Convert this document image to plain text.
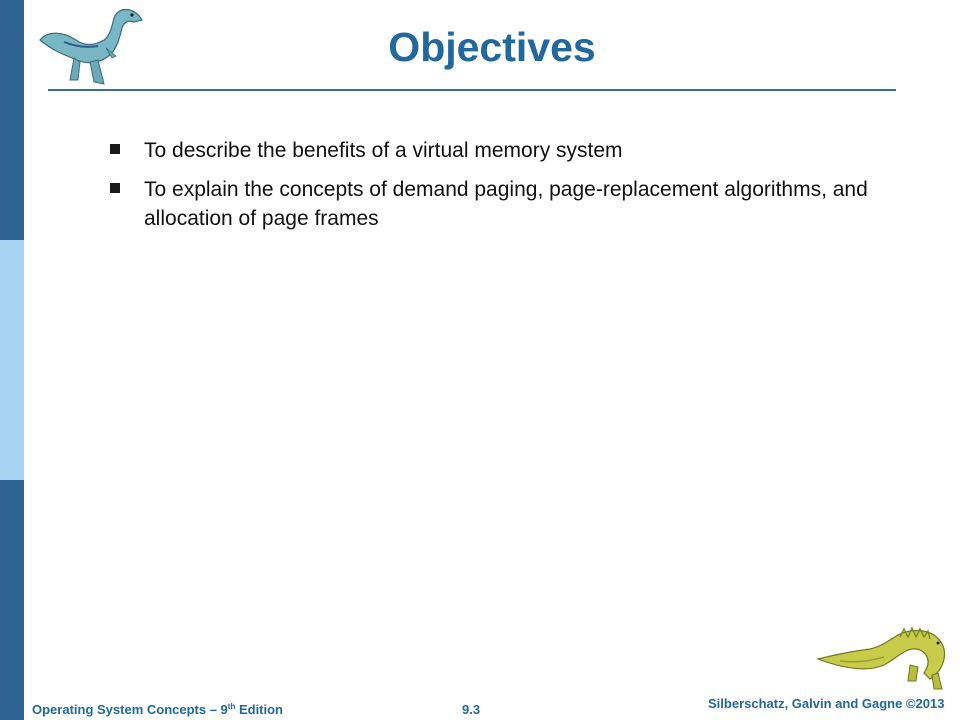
Objectives
To describe the benefits of a virtual memory system
To explain the concepts of demand paging, page-replacement algorithms, and allocation of page frames
Operating System Concepts – 9th Edition	9.3	Silberschatz, Galvin and Gagne ©2013
